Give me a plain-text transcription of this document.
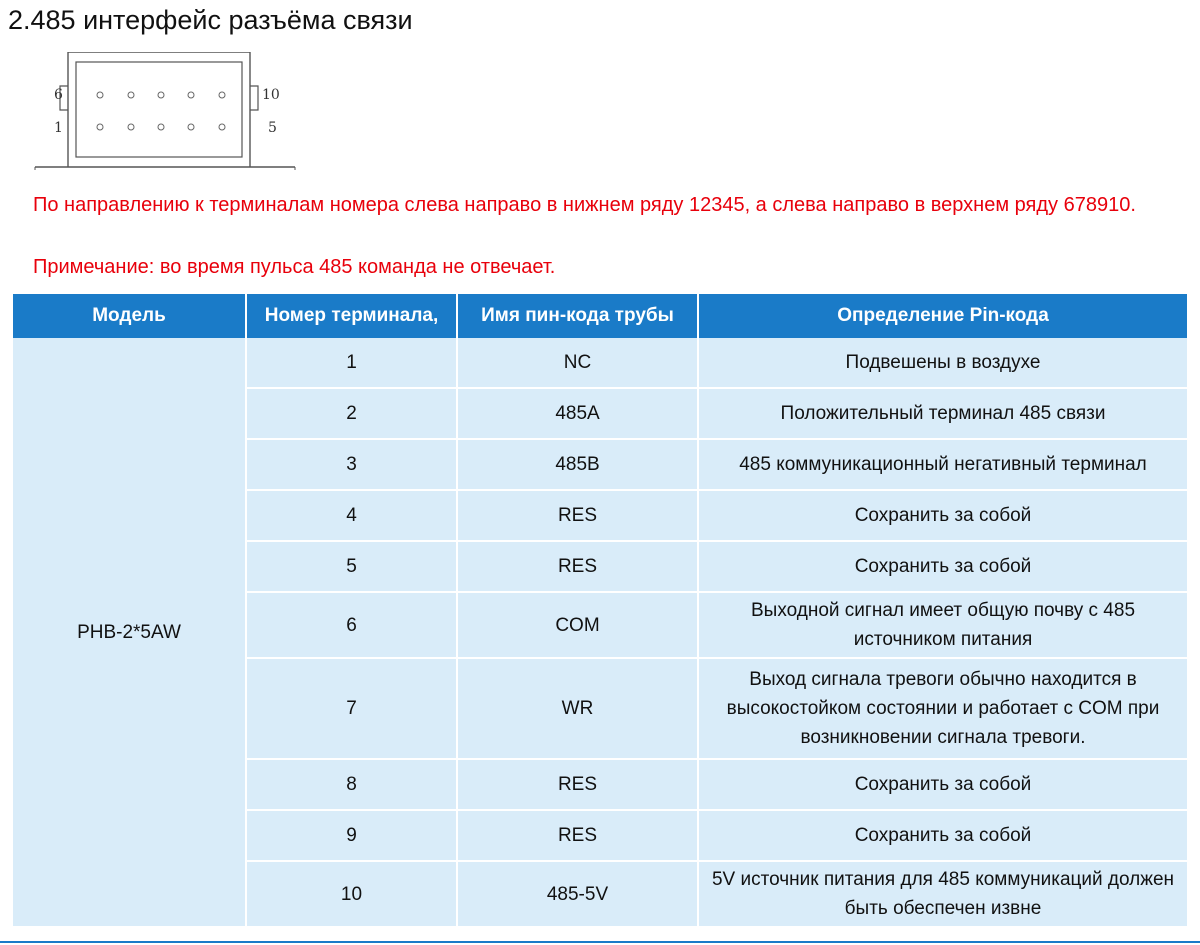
2.485 интерфейс разъёма связи
6
1
10
5
По направлению к терминалам номера слева направо в нижнем ряду 12345, а слева направо в верхнем ряду 678910.
Примечание: во время пульса 485 команда не отвечает.
Модель	Номер терминала,	Имя пин-кода трубы	Определение Pin-кода
PHB-2*5AW	1	NC	Подвешены в воздухе
	2	485A	Положительный терминал 485 связи
	3	485B	485 коммуникационный негативный терминал
	4	RES	Сохранить за собой
	5	RES	Сохранить за собой
	6	COM	Выходной сигнал имеет общую почву с 485 источником питания
	7	WR	Выход сигнала тревоги обычно находится в высокостойком состоянии и работает с COM при возникновении сигнала тревоги.
	8	RES	Сохранить за собой
	9	RES	Сохранить за собой
	10	485-5V	5V источник питания для 485 коммуникаций должен быть обеспечен извне
